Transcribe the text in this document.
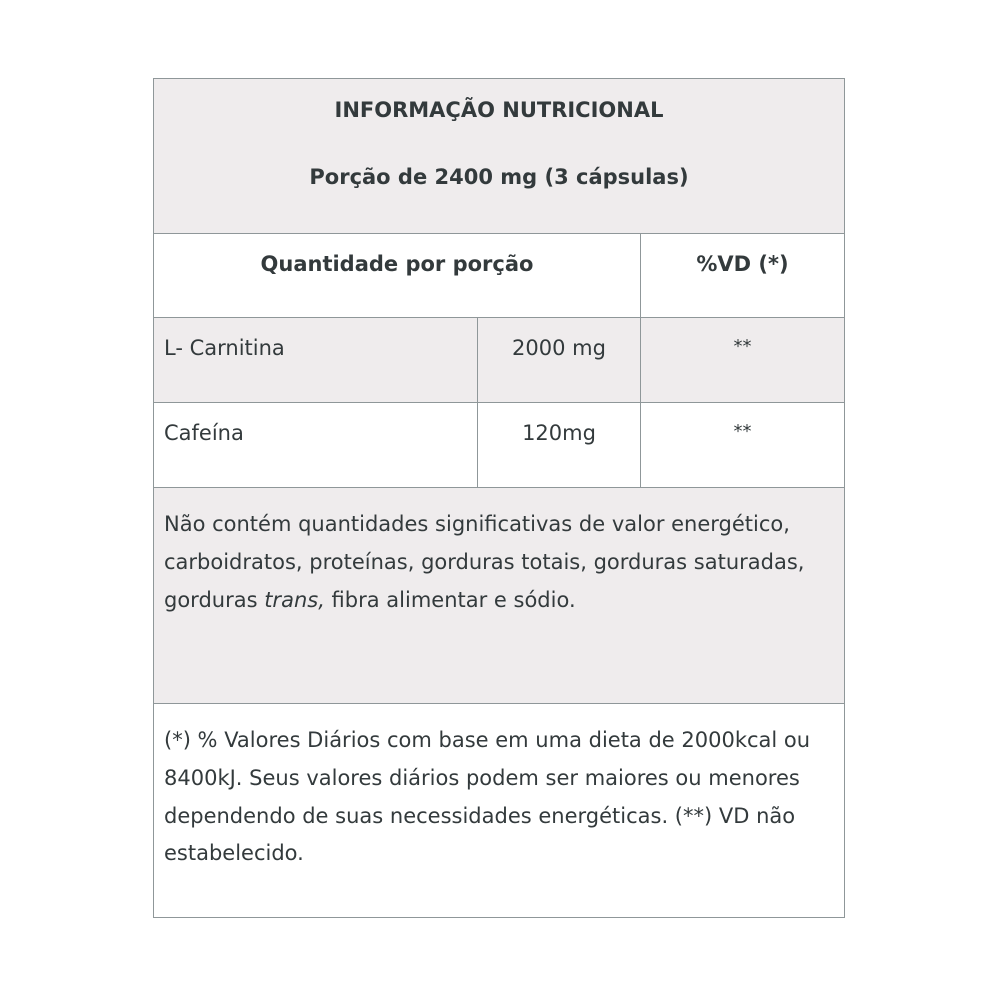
INFORMAÇÃO NUTRICIONAL
Porção de 2400 mg (3 cápsulas)		

Quantidade por porção		%VD (*)

L- Carnitina	2000 mg	**

Cafeína	120mg	**

Não contém quantidades significativas de valor energético, carboidratos, proteínas, gorduras totais, gorduras saturadas, gorduras trans, fibra alimentar e sódio.		

(*) % Valores Diários com base em uma dieta de 2000kcal ou 8400kJ. Seus valores diários podem ser maiores ou menores dependendo de suas necessidades energéticas. (**) VD não estabelecido.		
